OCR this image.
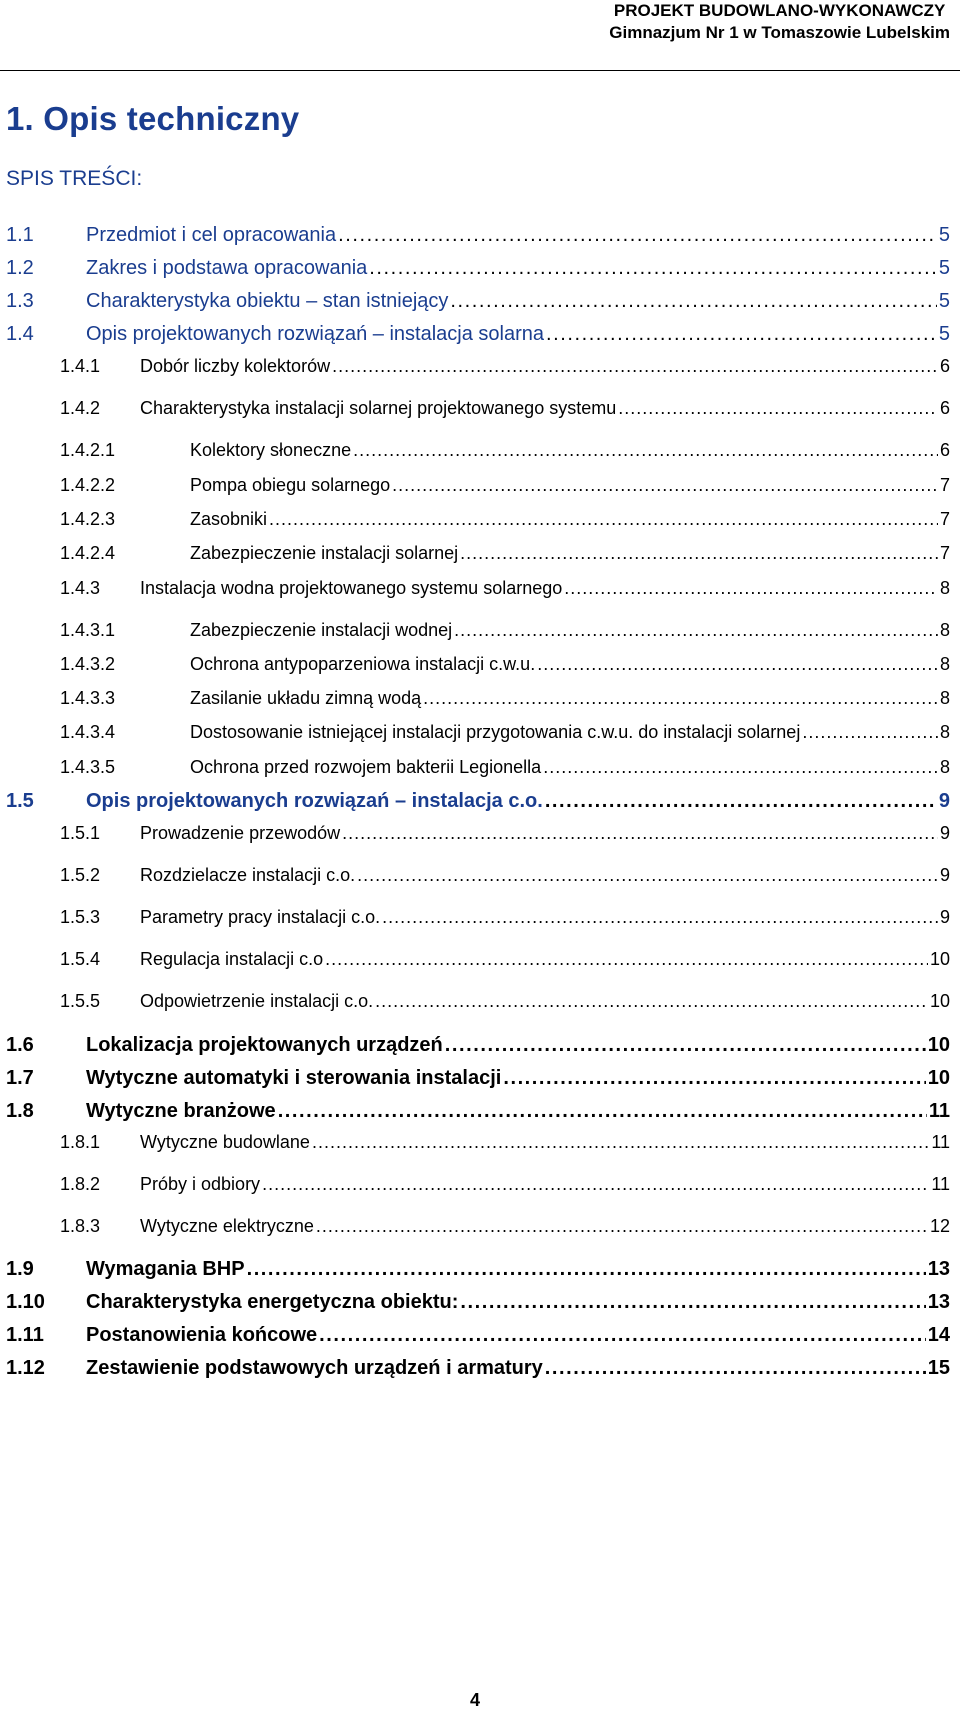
PROJEKT BUDOWLANO-WYKONAWCZY
Gimnazjum Nr 1 w Tomaszowie Lubelskim
1. Opis techniczny
SPIS TREŚCI:
1.1	Przedmiot i cel opracowania . . .	5
1.2	Zakres i podstawa opracowania . . .	5
1.3	Charakterystyka obiektu – stan istniejący . . .	5
1.4	Opis projektowanych rozwiązań – instalacja solarna . . .	5
1.4.1	Dobór liczby kolektorów . . .	6
1.4.2	Charakterystyka instalacji solarnej projektowanego systemu . . .	6
1.4.2.1	Kolektory słoneczne . . .	6
1.4.2.2	Pompa obiegu solarnego . . .	7
1.4.2.3	Zasobniki . . .	7
1.4.2.4	Zabezpieczenie instalacji solarnej . . .	7
1.4.3	Instalacja wodna projektowanego systemu solarnego . . .	8
1.4.3.1	Zabezpieczenie instalacji wodnej . . .	8
1.4.3.2	Ochrona antypoparzeniowa instalacji c.w.u. . . .	8
1.4.3.3	Zasilanie układu zimną wodą . . .	8
1.4.3.4	Dostosowanie istniejącej instalacji przygotowania c.w.u. do instalacji solarnej . . .	8
1.4.3.5	Ochrona przed rozwojem bakterii Legionella . . .	8
1.5	Opis projektowanych rozwiązań – instalacja c.o. . . .	9
1.5.1	Prowadzenie przewodów . . .	9
1.5.2	Rozdzielacze instalacji c.o. . . .	9
1.5.3	Parametry pracy instalacji c.o. . . .	9
1.5.4	Regulacja instalacji c.o . . .	10
1.5.5	Odpowietrzenie instalacji c.o. . . .	10
1.6	Lokalizacja projektowanych urządzeń . . .	10
1.7	Wytyczne automatyki i sterowania instalacji . . .	10
1.8	Wytyczne branżowe . . .	11
1.8.1	Wytyczne budowlane . . .	11
1.8.2	Próby i odbiory . . .	11
1.8.3	Wytyczne elektryczne . . .	12
1.9	Wymagania BHP . . .	13
1.10	Charakterystyka energetyczna obiektu: . . .	13
1.11	Postanowienia końcowe . . .	14
1.12	Zestawienie podstawowych urządzeń i armatury . . .	15
4
